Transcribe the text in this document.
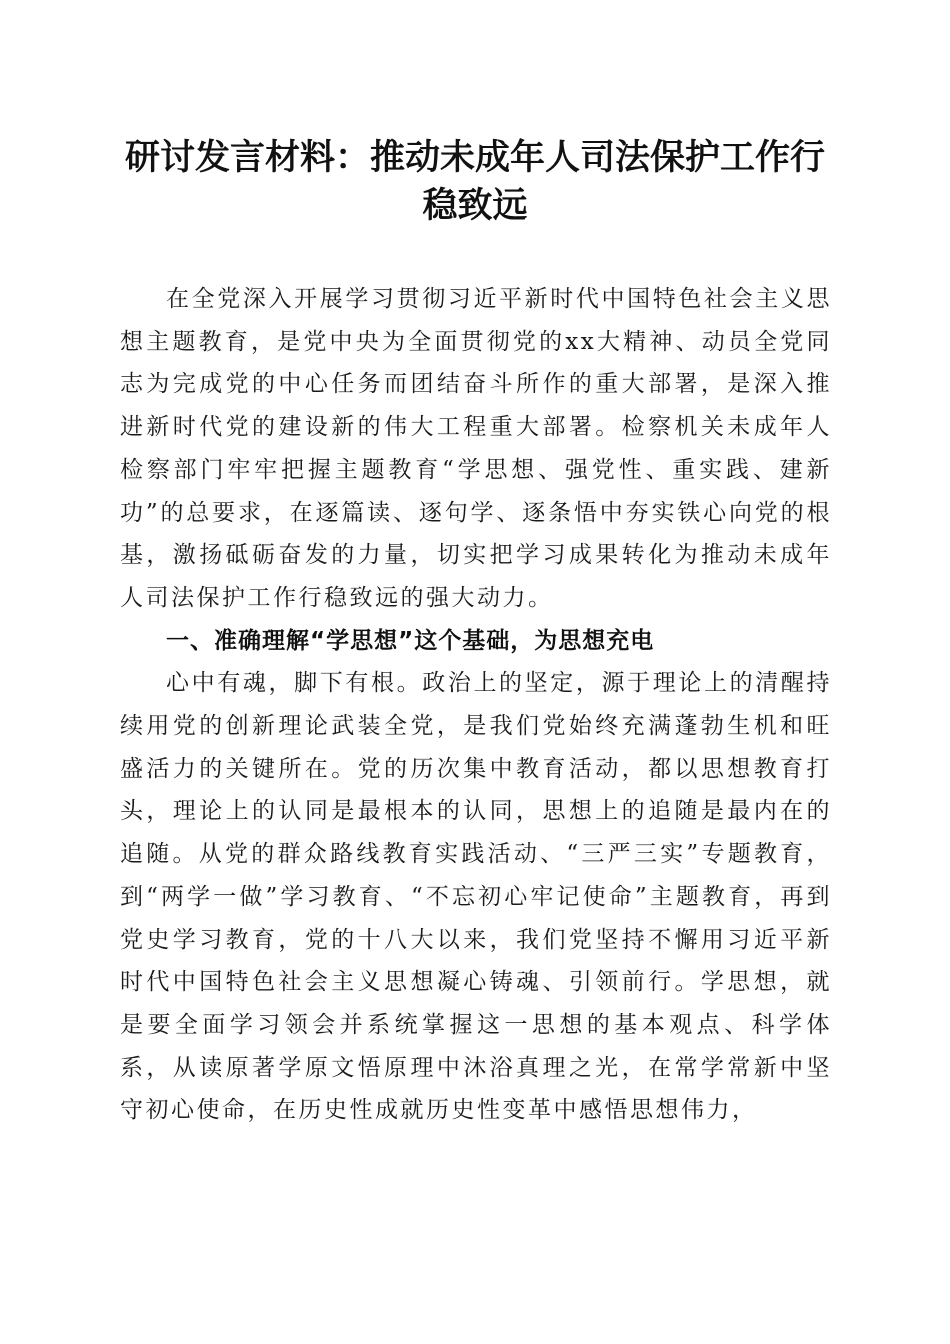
研讨发言材料：推动未成年人司法保护工作行
稳致远

在全党深入开展学习贯彻习近平新时代中国特色社会主义思想主题教育，是党中央为全面贯彻党的xx大精神、动员全党同志为完成党的中心任务而团结奋斗所作的重大部署，是深入推进新时代党的建设新的伟大工程重大部署。检察机关未成年人检察部门牢牢把握主题教育“学思想、强党性、重实践、建新功”的总要求，在逐篇读、逐句学、逐条悟中夯实铁心向党的根基，激扬砥砺奋发的力量，切实把学习成果转化为推动未成年人司法保护工作行稳致远的强大动力。

一、准确理解“学思想”这个基础，为思想充电

心中有魂，脚下有根。政治上的坚定，源于理论上的清醒持续用党的创新理论武装全党，是我们党始终充满蓬勃生机和旺盛活力的关键所在。党的历次集中教育活动，都以思想教育打头，理论上的认同是最根本的认同，思想上的追随是最内在的追随。从党的群众路线教育实践活动、“三严三实”专题教育，到“两学一做”学习教育、“不忘初心牢记使命”主题教育，再到党史学习教育，党的十八大以来，我们党坚持不懈用习近平新时代中国特色社会主义思想凝心铸魂、引领前行。学思想，就是要全面学习领会并系统掌握这一思想的基本观点、科学体系，从读原著学原文悟原理中沐浴真理之光，在常学常新中坚守初心使命，在历史性成就历史性变革中感悟思想伟力，
